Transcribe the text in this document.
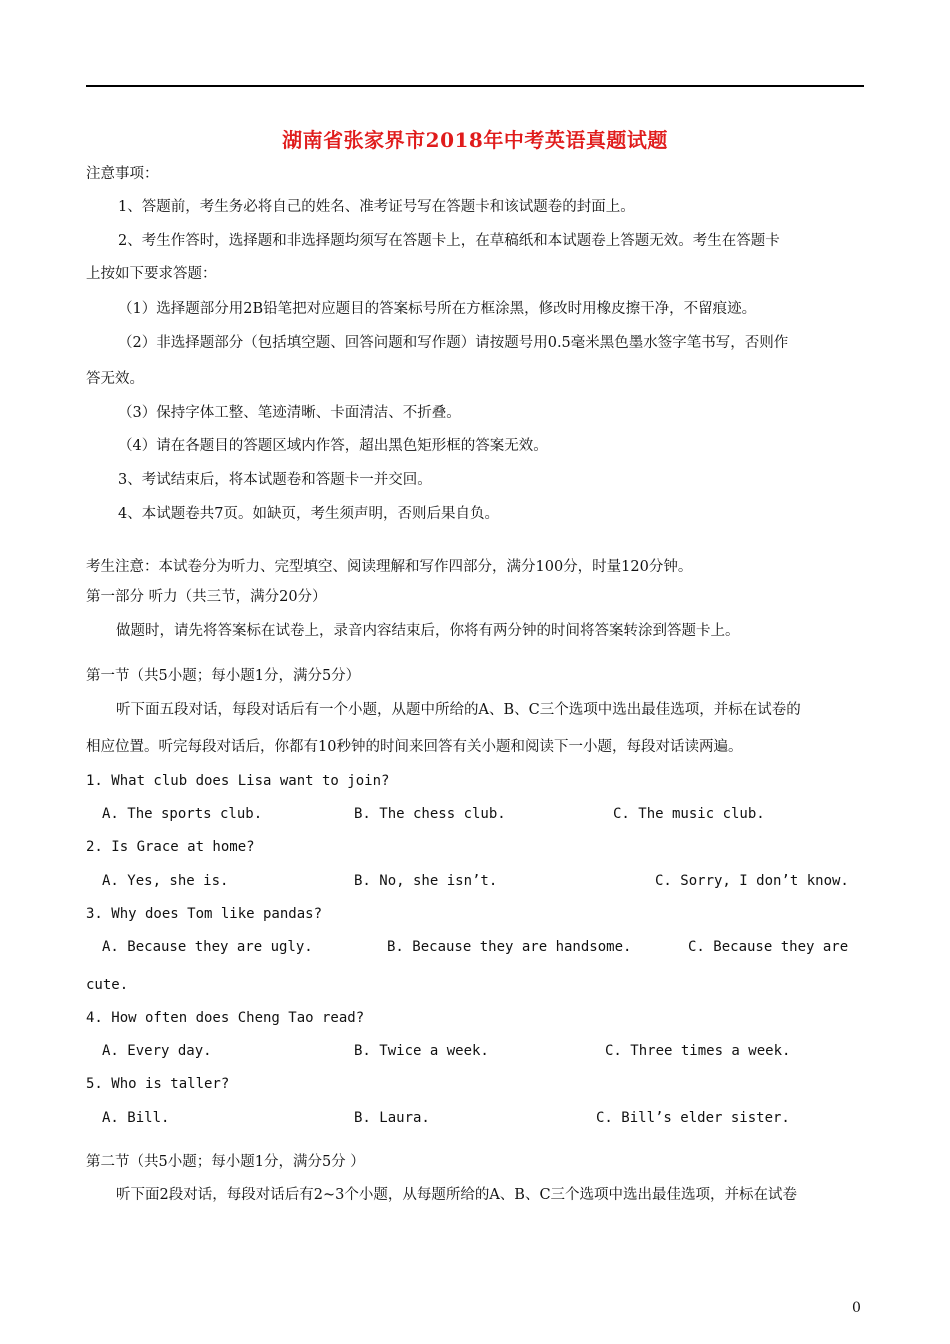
湖南省张家界市2018年中考英语真题试题
注意事项：
1、答题前，考生务必将自己的姓名、准考证号写在答题卡和该试题卷的封面上。
2、考生作答时，选择题和非选择题均须写在答题卡上，在草稿纸和本试题卷上答题无效。考生在答题卡
上按如下要求答题：
（1）选择题部分用2B铅笔把对应题目的答案标号所在方框涂黑，修改时用橡皮擦干净，不留痕迹。
（2）非选择题部分（包括填空题、回答问题和写作题）请按题号用0.5毫米黑色墨水签字笔书写，否则作
答无效。
（3）保持字体工整、笔迹清晰、卡面清洁、不折叠。
（4）请在各题目的答题区域内作答，超出黑色矩形框的答案无效。
3、考试结束后，将本试题卷和答题卡一并交回。
4、本试题卷共7页。如缺页，考生须声明，否则后果自负。
考生注意：本试卷分为听力、完型填空、阅读理解和写作四部分，满分100分，时量120分钟。
第一部分 听力（共三节，满分20分）
做题时，请先将答案标在试卷上，录音内容结束后，你将有两分钟的时间将答案转涂到答题卡上。
第一节（共5小题；每小题1分，满分5分）
听下面五段对话，每段对话后有一个小题，从题中所给的A、B、C三个选项中选出最佳选项，并标在试卷的
相应位置。听完每段对话后，你都有10秒钟的时间来回答有关小题和阅读下一小题，每段对话读两遍。
1. What club does Lisa want to join?
A. The sports club.	B. The chess club.	C. The music club.
2. Is Grace at home?
A. Yes, she is.	B. No, she isn’t.	C. Sorry, I don’t know.
3. Why does Tom like pandas?
A. Because they are ugly.	B. Because they are handsome.	C. Because they are
cute.
4. How often does Cheng Tao read?
A. Every day.	B. Twice a week.	C. Three times a week.
5. Who is taller?
A. Bill.	B. Laura.	C. Bill’s elder sister.
第二节（共5小题；每小题1分，满分5分 ）
听下面2段对话，每段对话后有2~3个小题，从每题所给的A、B、C三个选项中选出最佳选项，并标在试卷
0
